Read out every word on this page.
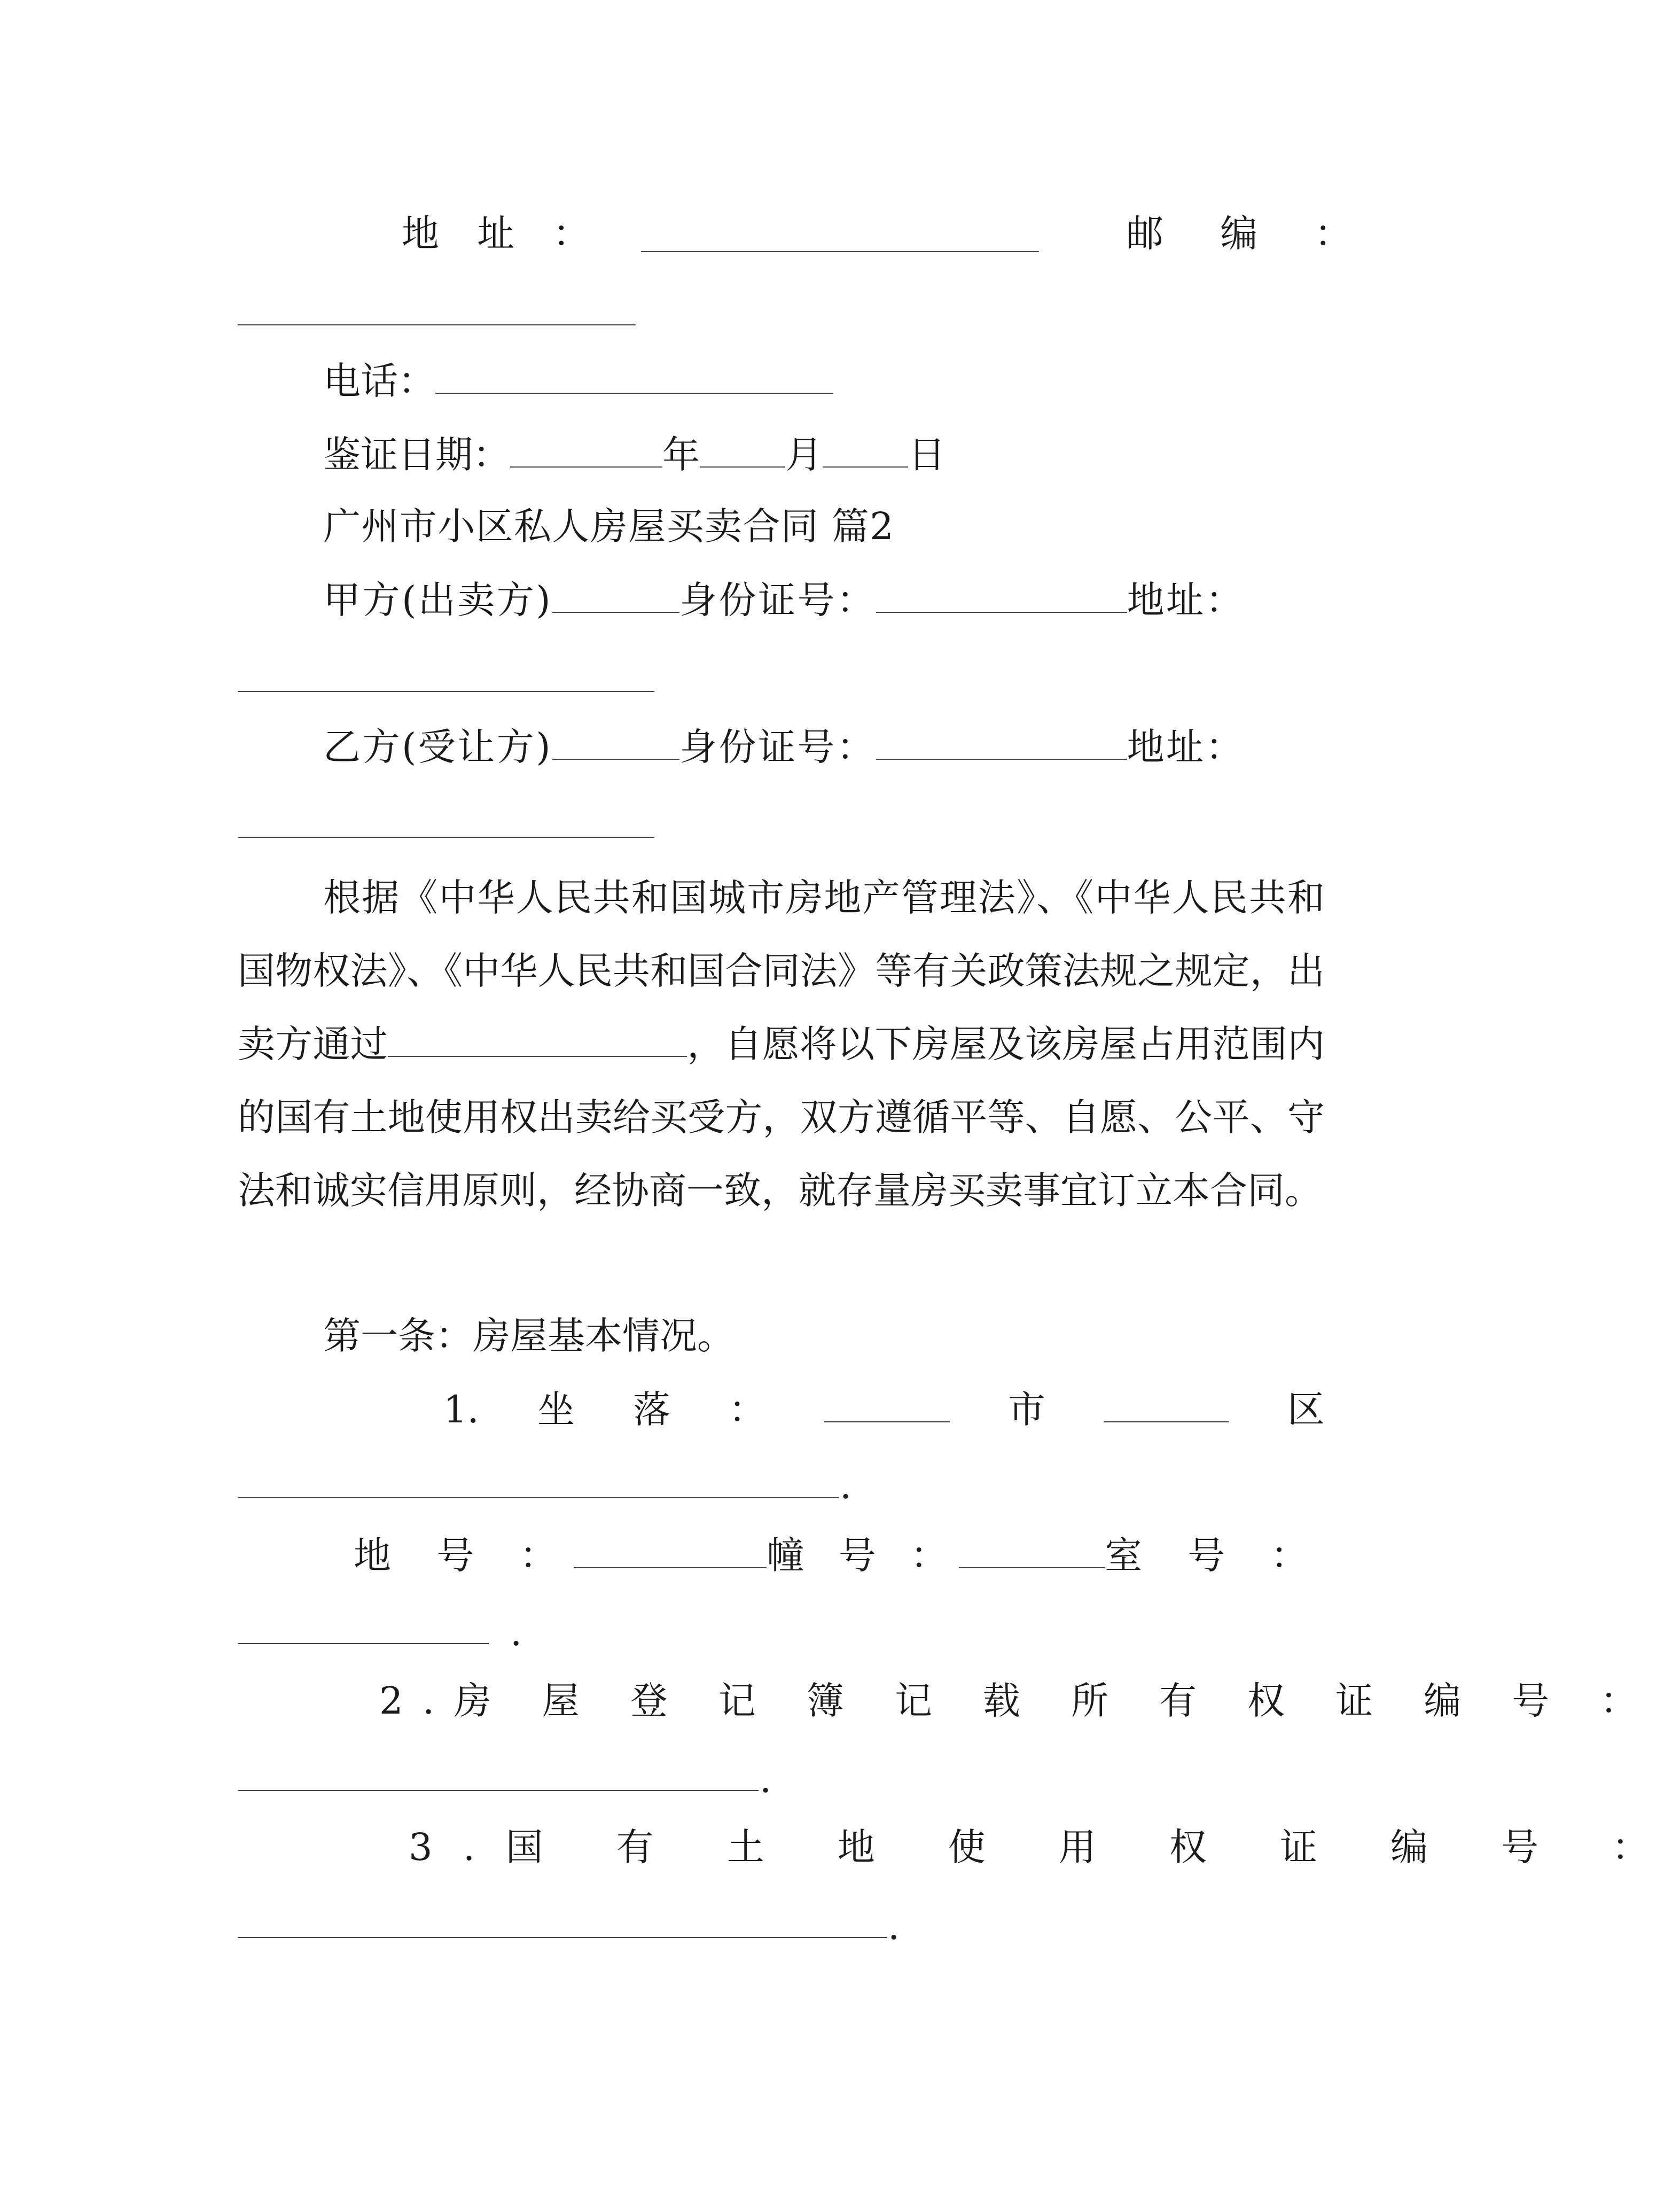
地 址 ：	邮 编 ：
电话：
鉴证日期：	年 月 日
广州市小区私人房屋买卖合同 篇2
甲方(出卖方)	身份证号：	地址：
乙方(受让方)	身份证号：	地址：
根据《中华人民共和国城市房地产管理法》、《中华人民共和国物权法》、《中华人民共和国合同法》等有关政策法规之规定，出卖方通过	，自愿将以下房屋及该房屋占用范围内的国有土地使用权出卖给买受方，双方遵循平等、自愿、公平、守法和诚实信用原则，经协商一致，就存量房买卖事宜订立本合同。
第一条：房屋基本情况。
1. 坐 落 ：	市	区
.
地 号 ：	幢 号 ：	室 号 ：
.
2.房 屋 登 记 簿 记 载 所 有 权 证 编 号 ：
.
3.国 有 土 地 使 用 权 证 编 号 ：
.
